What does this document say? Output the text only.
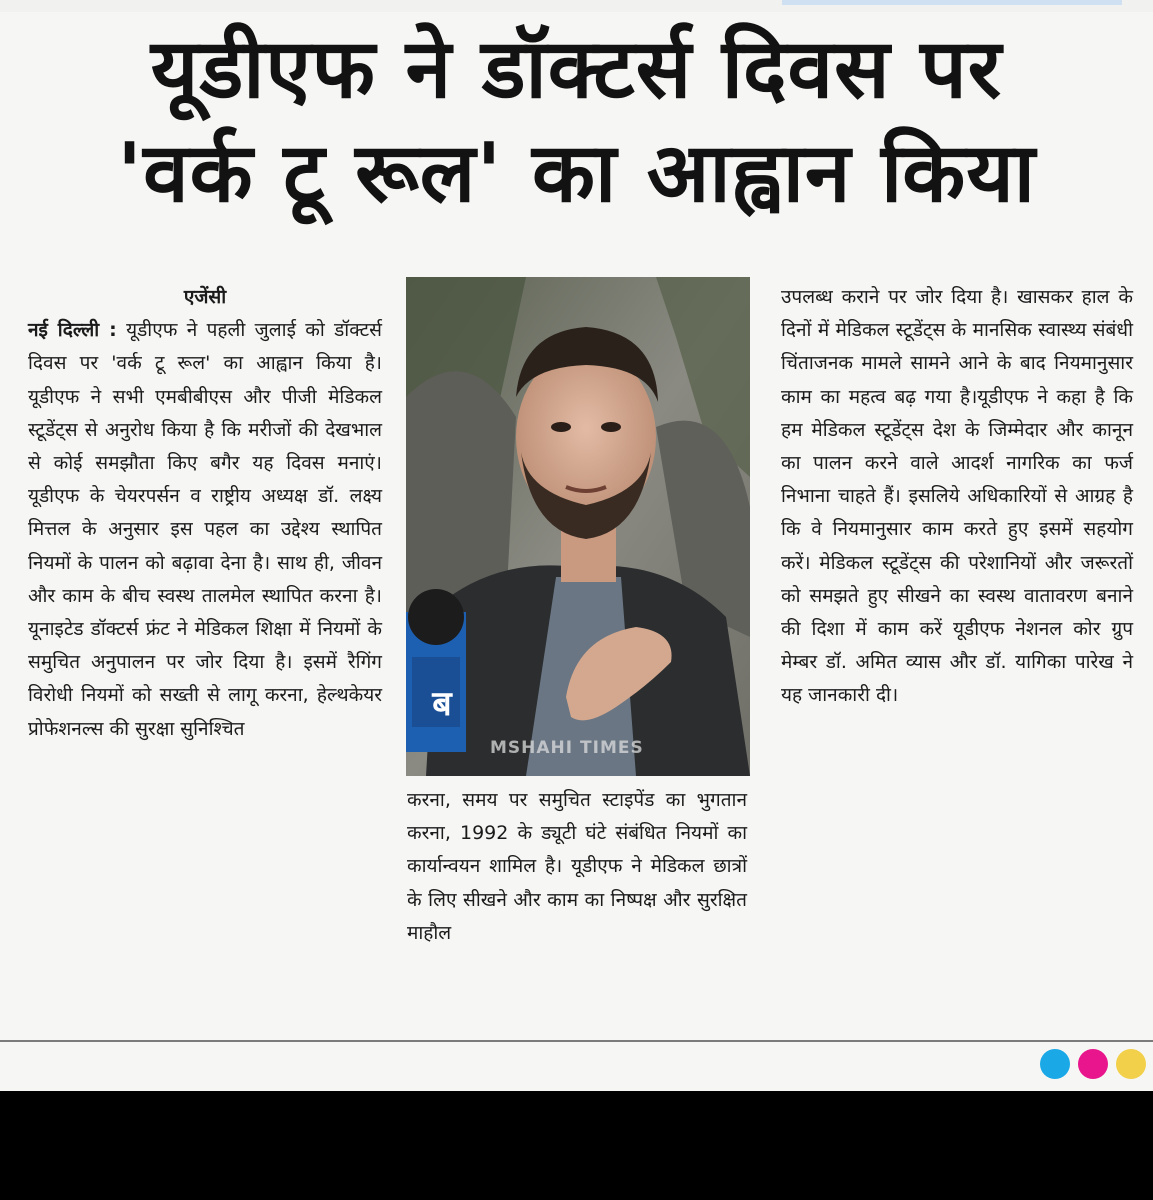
यूडीएफ ने डॉक्टर्स दिवस पर
'वर्क टू रूल' का आह्वान किया
एजेंसी
नई दिल्ली : यूडीएफ ने पहली जुलाई को डॉक्टर्स दिवस पर 'वर्क टू रूल' का आह्वान किया है। यूडीएफ ने सभी एमबीबीएस और पीजी मेडिकल स्टूडेंट्स से अनुरोध किया है कि मरीजों की देखभाल से कोई समझौता किए बगैर यह दिवस मनाएं।यूडीएफ के चेयरपर्सन व राष्ट्रीय अध्यक्ष डॉ. लक्ष्य मित्तल के अनुसार इस पहल का उद्देश्य स्थापित नियमों के पालन को बढ़ावा देना है। साथ ही, जीवन और काम के बीच स्वस्थ तालमेल स्थापित करना है। यूनाइटेड डॉक्टर्स फ्रंट ने मेडिकल शिक्षा में नियमों के समुचित अनुपालन पर जोर दिया है। इसमें रैगिंग विरोधी नियमों को सख्ती से लागू करना, हेल्थकेयर प्रोफेशनल्स की सुरक्षा सुनिश्चित
ब
MSHAHI TIMES
करना, समय पर समुचित स्टाइपेंड का भुगतान करना, 1992 के ड्यूटी घंटे संबंधित नियमों का कार्यान्वयन शामिल है। यूडीएफ ने मेडिकल छात्रों के लिए सीखने और काम का निष्पक्ष और सुरक्षित माहौल
उपलब्ध कराने पर जोर दिया है। खासकर हाल के दिनों में मेडिकल स्टूडेंट्स के मानसिक स्वास्थ्य संबंधी चिंताजनक मामले सामने आने के बाद नियमानुसार काम का महत्व बढ़ गया है।यूडीएफ ने कहा है कि हम मेडिकल स्टूडेंट्स देश के जिम्मेदार और कानून का पालन करने वाले आदर्श नागरिक का फर्ज निभाना चाहते हैं। इसलिये अधिकारियों से आग्रह है कि वे नियमानुसार काम करते हुए इसमें सहयोग करें। मेडिकल स्टूडेंट्स की परेशानियों और जरूरतों को समझते हुए सीखने का स्वस्थ वातावरण बनाने की दिशा में काम करें यूडीएफ नेशनल कोर ग्रुप मेम्बर डॉ. अमित व्यास और डॉ. यागिका पारेख ने यह जानकारी दी।
